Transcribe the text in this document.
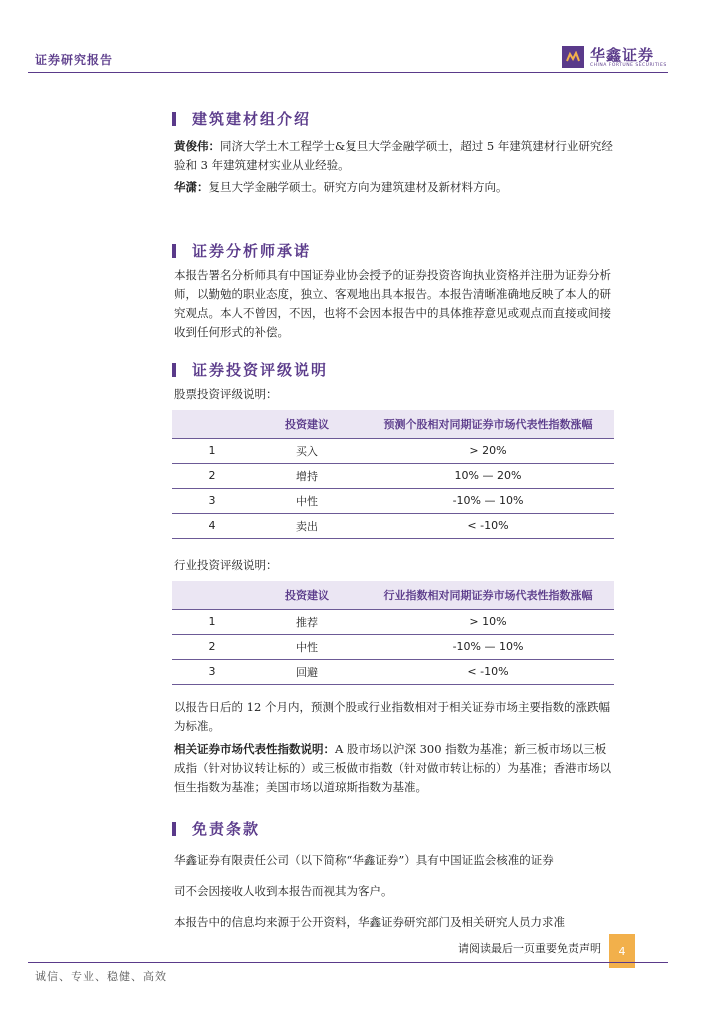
证券研究报告	华鑫证券
CHINA FORTUNE SECURITIES
建筑建材组介绍
黄俊伟：同济大学土木工程学士&复旦大学金融学硕士，超过 5 年建筑建材行业研究经验和 3 年建筑建材实业从业经验。
华潇：复旦大学金融学硕士。研究方向为建筑建材及新材料方向。
证券分析师承诺
本报告署名分析师具有中国证券业协会授予的证券投资咨询执业资格并注册为证券分析师，以勤勉的职业态度，独立、客观地出具本报告。本报告清晰准确地反映了本人的研究观点。本人不曾因，不因，也将不会因本报告中的具体推荐意见或观点而直接或间接收到任何形式的补偿。
证券投资评级说明
股票投资评级说明：
	投资建议	预测个股相对同期证券市场代表性指数涨幅
1	买入	> 20%
2	增持	10% — 20%
3	中性	-10% — 10%
4	卖出	< -10%
行业投资评级说明：
	投资建议	行业指数相对同期证券市场代表性指数涨幅
1	推荐	> 10%
2	中性	-10% — 10%
3	回避	< -10%
以报告日后的 12 个月内，预测个股或行业指数相对于相关证券市场主要指数的涨跌幅为标准。
相关证券市场代表性指数说明：A 股市场以沪深 300 指数为基准；新三板市场以三板成指（针对协议转让标的）或三板做市指数（针对做市转让标的）为基准；香港市场以恒生指数为基准；美国市场以道琼斯指数为基准。
免责条款
华鑫证券有限责任公司（以下简称“华鑫证券”）具有中国证监会核准的证券
司不会因接收人收到本报告而视其为客户。
本报告中的信息均来源于公开资料，华鑫证券研究部门及相关研究人员力求准
请阅读最后一页重要免责声明	4
诚信、专业、稳健、高效
